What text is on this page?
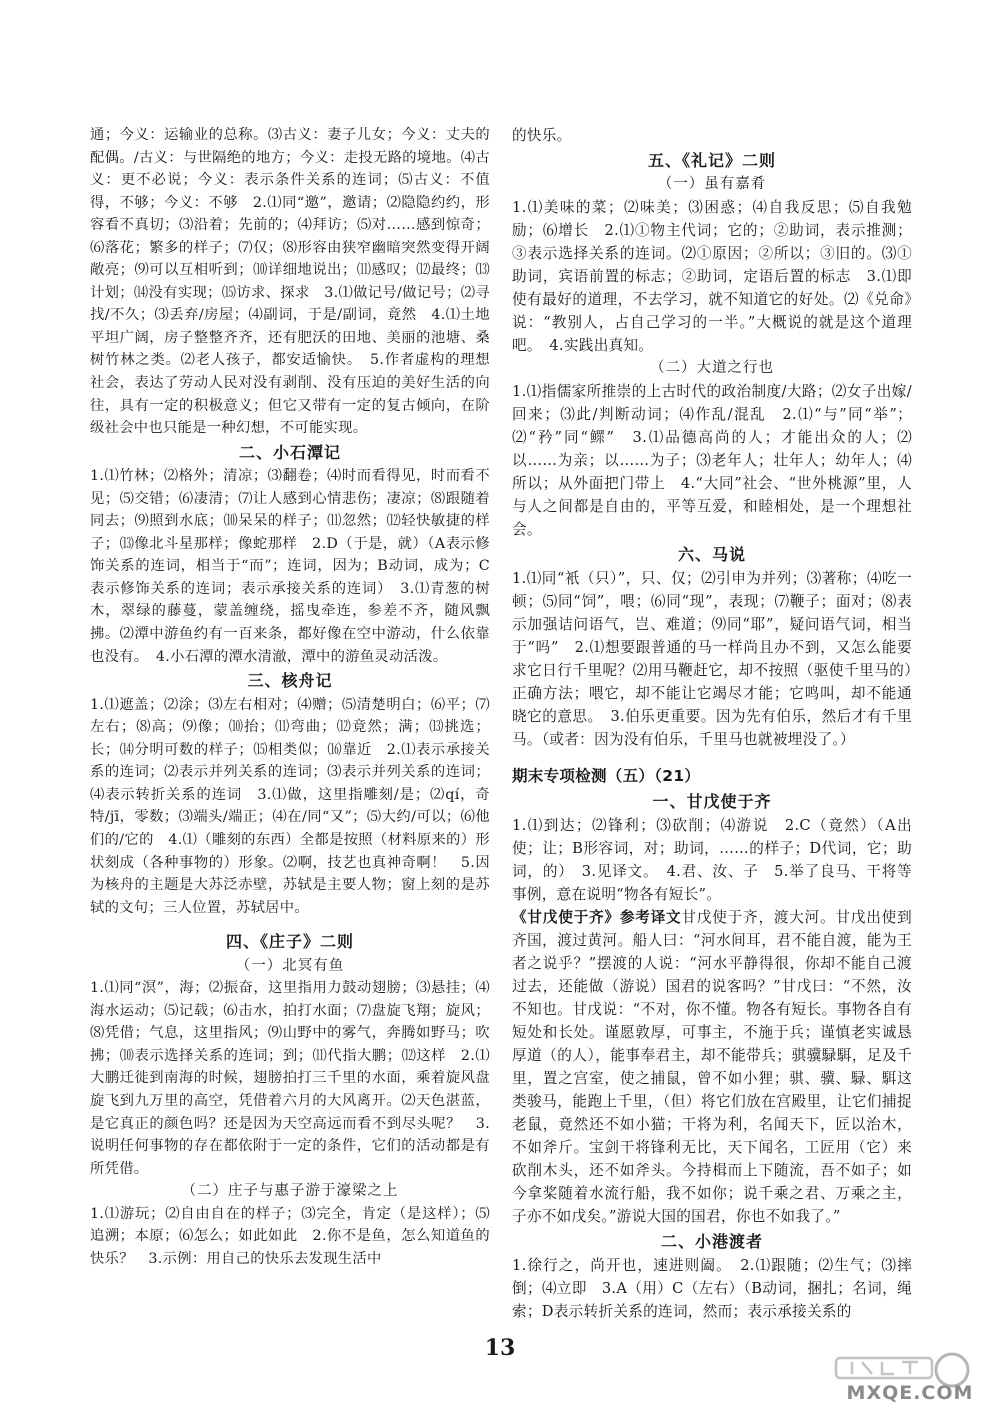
通；今义：运输业的总称。⑶古义：妻子儿女；今义：丈夫的配偶。/古义：与世隔绝的地方；今义：走投无路的境地。⑷古义：更不必说；今义：表示条件关系的连词；⑸古义：不值得，不够；今义：不够　2.⑴同“邀”，邀请；⑵隐隐约约，形容看不真切；⑶沿着；先前的；⑷拜访；⑸对……感到惊奇；⑹落花；繁多的样子；⑺仅；⑻形容由狭窄幽暗突然变得开阔敞亮；⑼可以互相听到；⑽详细地说出；⑾感叹；⑿最终；⒀计划；⒁没有实现；⒂访求、探求　3.⑴做记号/做记号；⑵寻找/不久；⑶丢弃/房屋；⑷副词，于是/副词，竟然　4.⑴土地平坦广阔，房子整整齐齐，还有肥沃的田地、美丽的池塘、桑树竹林之类。⑵老人孩子，都安适愉快。　5.作者虚构的理想社会，表达了劳动人民对没有剥削、没有压迫的美好生活的向往，具有一定的积极意义；但它又带有一定的复古倾向，在阶级社会中也只能是一种幻想，不可能实现。

二、小石潭记

1.⑴竹林；⑵格外；清凉；⑶翻卷；⑷时而看得见，时而看不见；⑸交错；⑹凄清；⑺让人感到心情悲伤；凄凉；⑻跟随着同去；⑼照到水底；⑽呆呆的样子；⑾忽然；⑿轻快敏捷的样子；⒀像北斗星那样；像蛇那样　2.D（于是，就）（A表示修饰关系的连词，相当于“而”；连词，因为；B动词，成为；C表示修饰关系的连词；表示承接关系的连词）　3.⑴青葱的树木，翠绿的藤蔓，蒙盖缠绕，摇曳牵连，参差不齐，随风飘拂。⑵潭中游鱼约有一百来条，都好像在空中游动，什么依靠也没有。　4.小石潭的潭水清澈，潭中的游鱼灵动活泼。

三、核舟记

1.⑴遮盖；⑵涂；⑶左右相对；⑷赠；⑸清楚明白；⑹平；⑺左右；⑻高；⑼像；⑽抬；⑾弯曲；⑿竟然；满；⒀挑选；长；⒁分明可数的样子；⒂相类似；⒃靠近　2.⑴表示承接关系的连词；⑵表示并列关系的连词；⑶表示并列关系的连词；⑷表示转折关系的连词　3.⑴做，这里指雕刻/是；⑵qí，奇特/jī，零数；⑶端头/端正；⑷在/同“又”；⑸大约/可以；⑹他们的/它的　4.⑴（雕刻的东西）全都是按照（材料原来的）形状刻成（各种事物的）形象。⑵啊，技艺也真神奇啊！　5.因为核舟的主题是大苏泛赤壁，苏轼是主要人物；窗上刻的是苏轼的文句；三人位置，苏轼居中。

四、《庄子》二则

（一）北冥有鱼

1.⑴同“溟”，海；⑵振奋，这里指用力鼓动翅膀；⑶悬挂；⑷海水运动；⑸记载；⑹击水，拍打水面；⑺盘旋飞翔；旋风；⑻凭借；气息，这里指风；⑼山野中的雾气，奔腾如野马；吹拂；⑽表示选择关系的连词；到；⑾代指大鹏；⑿这样　2.⑴大鹏迁徙到南海的时候，翅膀拍打三千里的水面，乘着旋风盘旋飞到九万里的高空，凭借着六月的大风离开。⑵天色湛蓝，是它真正的颜色吗？还是因为天空高远而看不到尽头呢？　3.说明任何事物的存在都依附于一定的条件，它们的活动都是有所凭借。

（二）庄子与惠子游于濠梁之上

1.⑴游玩；⑵自由自在的样子；⑶完全，肯定（是这样）；⑸追溯；本原；⑹怎么；如此如此　2.你不是鱼，怎么知道鱼的快乐？　3.示例：用自己的快乐去发现生活中

的快乐。

五、《礼记》二则

（一）虽有嘉肴

1.⑴美味的菜；⑵味美；⑶困惑；⑷自我反思；⑸自我勉励；⑹增长　2.⑴①物主代词；它的；②助词，表示推测；③表示选择关系的连词。⑵①原因；②所以；③旧的。⑶①助词，宾语前置的标志；②助词，定语后置的标志　3.⑴即使有最好的道理，不去学习，就不知道它的好处。⑵《兑命》说：“教别人，占自己学习的一半。”大概说的就是这个道理吧。　4.实践出真知。

（二）大道之行也

1.⑴指儒家所推崇的上古时代的政治制度/大路；⑵女子出嫁/回来；⑶此/判断动词；⑷作乱/混乱　2.⑴“与”同“举”；⑵“矜”同“鳏”　3.⑴品德高尚的人；才能出众的人；⑵以……为亲；以……为子；⑶老年人；壮年人；幼年人；⑷所以；从外面把门带上　4.“大同”社会、“世外桃源”里，人与人之间都是自由的，平等互爱，和睦相处，是一个理想社会。

六、马说

1.⑴同“衹（只）”，只、仅；⑵引申为并列；⑶著称；⑷吃一顿；⑸同“饲”，喂；⑹同“现”，表现；⑺鞭子；面对；⑻表示加强诘问语气，岂、难道；⑼同“耶”，疑问语气词，相当于“吗”　2.⑴想要跟普通的马一样尚且办不到，又怎么能要求它日行千里呢？⑵用马鞭赶它，却不按照（驱使千里马的）正确方法；喂它，却不能让它竭尽才能；它鸣叫，却不能通晓它的意思。　3.伯乐更重要。因为先有伯乐，然后才有千里马。（或者：因为没有伯乐，千里马也就被埋没了。）

期末专项检测（五）（21）

一、甘戊使于齐

1.⑴到达；⑵锋利；⑶砍削；⑷游说　2.C（竟然）（A出使；让；B形容词，对；助词，……的样子；D代词，它；助词，的）　3.见译文。　4.君、汝、子　5.举了良马、干将等事例，意在说明“物各有短长”。

《甘戊使于齐》参考译文甘戊使于齐，渡大河。甘戊出使到齐国，渡过黄河。船人曰：“河水间耳，君不能自渡，能为王者之说乎？”摆渡的人说：“河水平静得很，你却不能自己渡过去，还能做（游说）国君的说客吗？”甘戊曰：“不然，汝不知也。甘戊说：“不对，你不懂。物各有短长。事物各自有短处和长处。谨愿敦厚，可事主，不施于兵；谨慎老实诚恳厚道（的人），能事奉君主，却不能带兵；骐骥騄駬，足及千里，置之宫室，使之捕鼠，曾不如小狸；骐、骥、騄、駬这类骏马，能跑上千里，（但）将它们放在宫殿里，让它们捕捉老鼠，竟然还不如小猫；干将为利，名闻天下，匠以治木，不如斧斤。宝剑干将锋利无比，天下闻名，工匠用（它）来砍削木头，还不如斧头。今持楫而上下随流，吾不如子；如今拿桨随着水流行船，我不如你；说千乘之君、万乘之主，子亦不如戊矣。”游说大国的国君，你也不如我了。”

二、小港渡者

1.徐行之，尚开也，速进则阖。　2.⑴跟随；⑵生气；⑶摔倒；⑷立即　3.A（用）C（左右）（B动词，捆扎；名词，绳索；D表示转折关系的连词，然而；表示承接关系的

13
MXQE.COM
